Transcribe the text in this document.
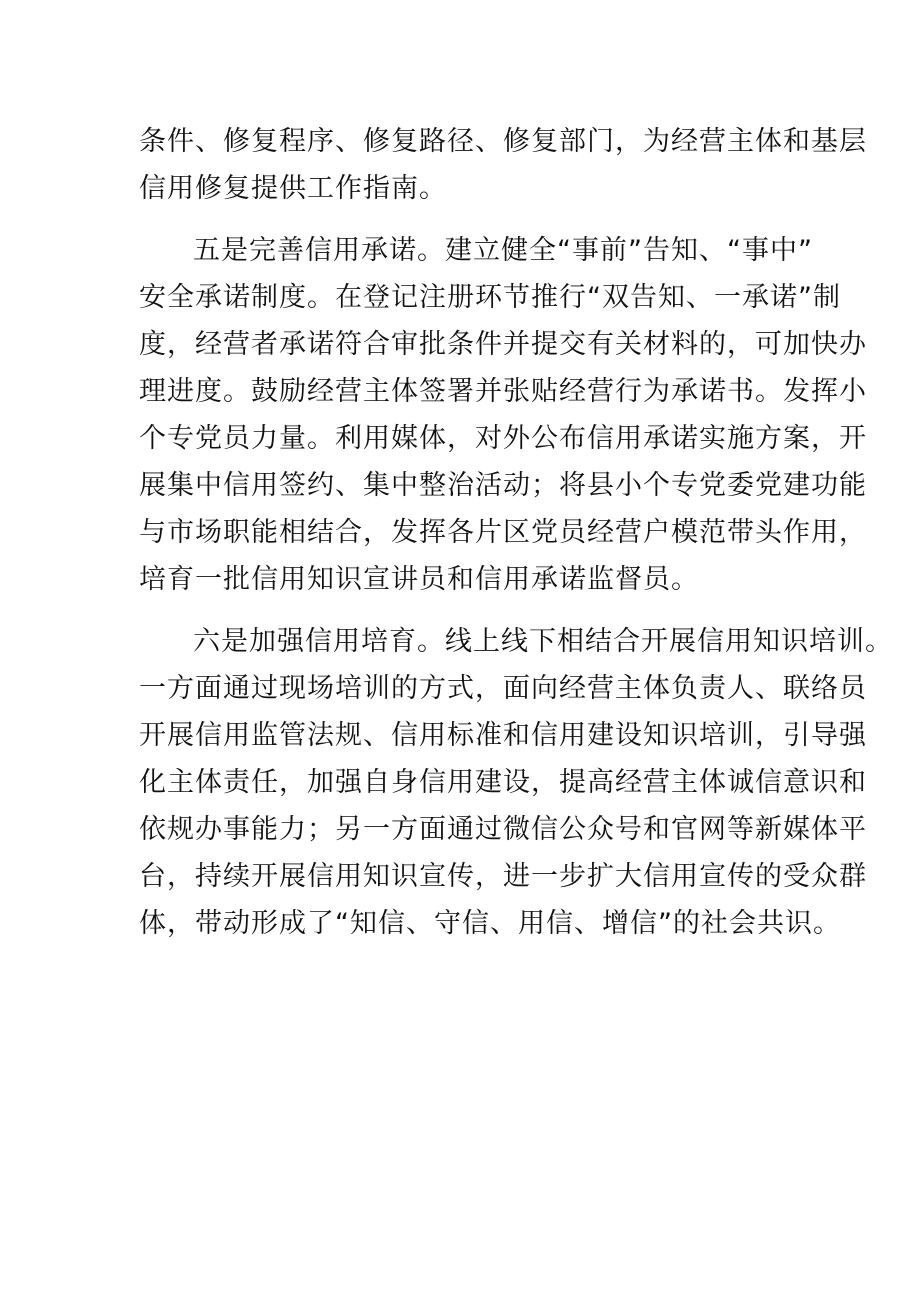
条件、修复程序、修复路径、修复部门，为经营主体和基层
信用修复提供工作指南。
五是完善信用承诺。建立健全“事前”告知、“事中”
安全承诺制度。在登记注册环节推行“双告知、一承诺”制
度，经营者承诺符合审批条件并提交有关材料的，可加快办
理进度。鼓励经营主体签署并张贴经营行为承诺书。发挥小
个专党员力量。利用媒体，对外公布信用承诺实施方案，开
展集中信用签约、集中整治活动；将县小个专党委党建功能
与市场职能相结合，发挥各片区党员经营户模范带头作用，
培育一批信用知识宣讲员和信用承诺监督员。
六是加强信用培育。线上线下相结合开展信用知识培训。
一方面通过现场培训的方式，面向经营主体负责人、联络员
开展信用监管法规、信用标准和信用建设知识培训，引导强
化主体责任，加强自身信用建设，提高经营主体诚信意识和
依规办事能力；另一方面通过微信公众号和官网等新媒体平
台，持续开展信用知识宣传，进一步扩大信用宣传的受众群
体，带动形成了“知信、守信、用信、增信”的社会共识。
